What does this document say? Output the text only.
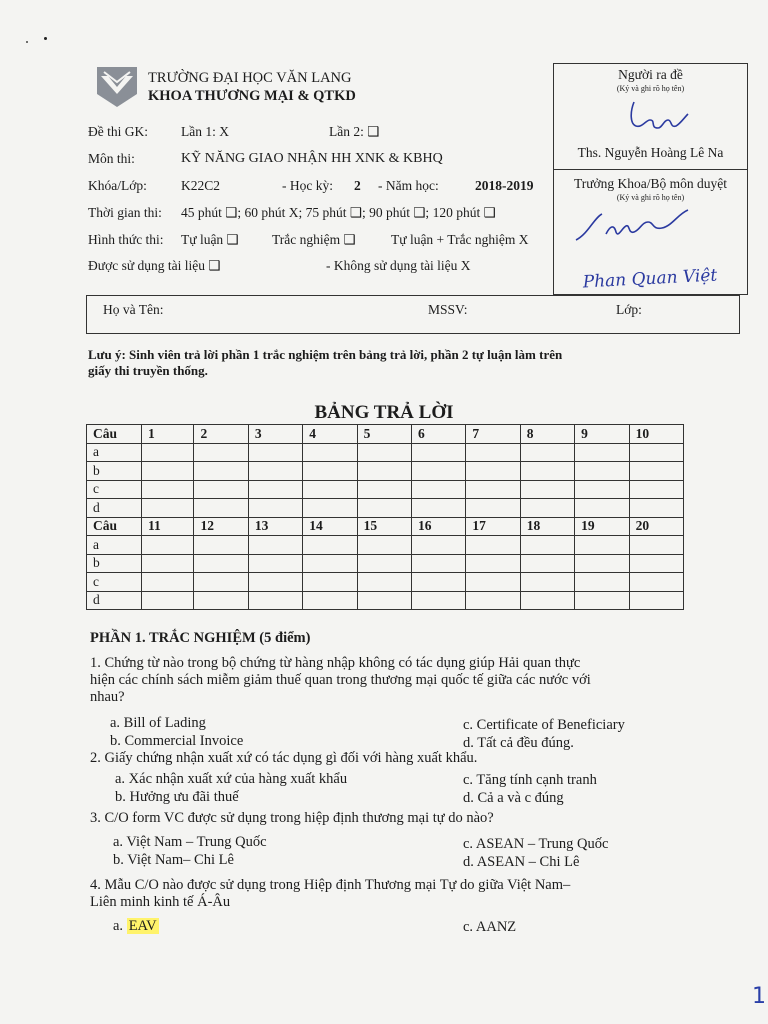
TRƯỜNG ĐẠI HỌC VĂN LANG
KHOA THƯƠNG MẠI & QTKD
Đề thi GK: Lần 1: X	Lần 2: ❑
Môn thi:	KỸ NĂNG GIAO NHẬN HH XNK & KBHQ
Khóa/Lớp:	K22C2	- Học kỳ: 2 - Năm học:	2018-2019
Thời gian thi: 45 phút ❑; 60 phút X; 75 phút ❑; 90 phút ❑; 120 phút ❑
Hình thức thi: Tự luận ❑ Trắc nghiệm ❑	Tự luận + Trắc nghiệm X
Được sử dụng tài liệu ❑	- Không sử dụng tài liệu X
Người ra đề
(Ký và ghi rõ họ tên)
Ths. Nguyễn Hoàng Lê Na
Trưởng Khoa/Bộ môn duyệt
(Ký và ghi rõ họ tên)
Phan Quan Việt
Họ và Tên:	MSSV:	Lớp:
Lưu ý: Sinh viên trả lời phần 1 trắc nghiệm trên bảng trả lời, phần 2 tự luận làm trên
giấy thi truyền thống.
BẢNG TRẢ LỜI
Câu	1	2	3	4	5	6	7	8	9	10
a										
b										
c										
d										
Câu	11	12	13	14	15	16	17	18	19	20
a										
b										
c										
d										
PHẦN 1. TRẮC NGHIỆM (5 điểm)
1. Chứng từ nào trong bộ chứng từ hàng nhập không có tác dụng giúp Hải quan thực
hiện các chính sách miễm giảm thuế quan trong thương mại quốc tế giữa các nước với
nhau?
a. Bill of Lading	c. Certificate of Beneficiary
b. Commercial Invoice	d. Tất cả đều đúng.
2. Giấy chứng nhận xuất xứ có tác dụng gì đối với hàng xuất khẩu.
a. Xác nhận xuất xứ của hàng xuất khẩu	c. Tăng tính cạnh tranh
b. Hưởng ưu đãi thuế	d. Cả a và c đúng
3. C/O form VC được sử dụng trong hiệp định thương mại tự do nào?
a. Việt Nam – Trung Quốc	c. ASEAN – Trung Quốc
b. Việt Nam– Chi Lê	d. ASEAN – Chi Lê
4. Mẫu C/O nào được sử dụng trong Hiệp định Thương mại Tự do giữa Việt Nam–
Liên minh kinh tế Á-Âu
a. EAV	c. AANZ
1
